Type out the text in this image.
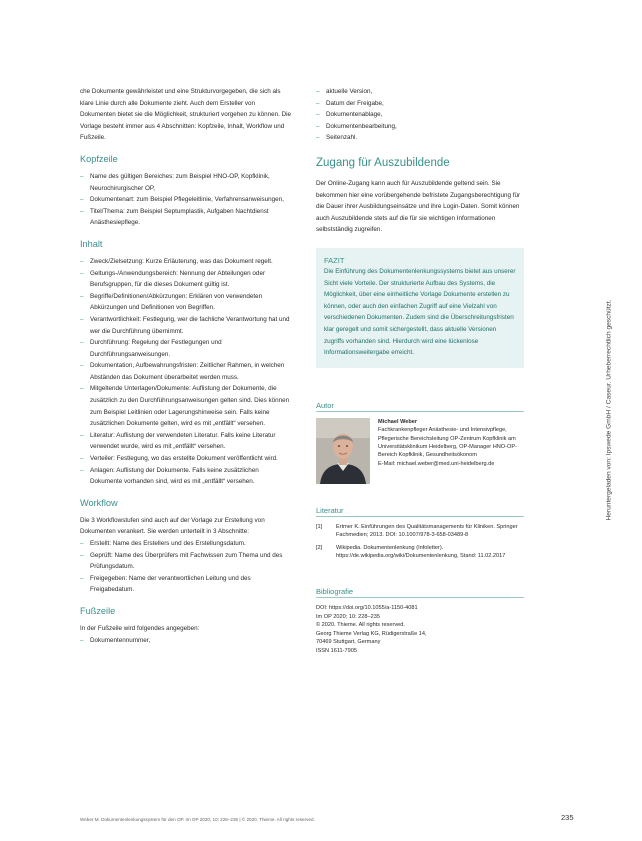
che Dokumente gewährleistet und eine Strukturvorgegeben, die sich als klare Linie durch alle Dokumente zieht. Auch dem Ersteller von Dokumenten bietet sie die Möglichkeit, strukturiert vorgehen zu können. Die Vorlage besteht immer aus 4 Abschnitten: Kopfzeile, Inhalt, Workflow und Fußzeile.

Kopfzeile
– Name des gültigen Bereiches: zum Beispiel HNO-OP, Kopfklinik, Neurochirurgischer OP,
– Dokumentenart: zum Beispiel Pflegeleitlinie, Verfahrensanweisungen,
– Titel/Thema: zum Beispiel Septumplastik, Aufgaben Nachtdienst Anästhesiepflege.
Inhalt
– Zweck/Zielsetzung: Kurze Erläuterung, was das Dokument regelt.
– Geltungs-/Anwendungsbereich: Nennung der Abteilungen oder Berufsgruppen, für die dieses Dokument gültig ist.
– Begriffe/Definitionen/Abkürzungen: Erklären von verwendeten Abkürzungen und Definitionen von Begriffen.
– Verantwortlichkeit: Festlegung, wer die fachliche Verantwortung hat und wer die Durchführung übernimmt.
– Durchführung: Regelung der Festlegungen und Durchführungsanweisungen.
– Dokumentation, Aufbewahrungsfristen: Zeitlicher Rahmen, in welchen Abständen das Dokument überarbeitet werden muss.
– Mitgeltende Unterlagen/Dokumente: Auflistung der Dokumente, die zusätzlich zu den Durchführungsanweisungen gelten sind. Dies können zum Beispiel Leitlinien oder Lagerungshinweise sein. Falls keine zusätzlichen Dokumente gelten, wird es mit „entfällt“ versehen.
– Literatur: Auflistung der verwendeten Literatur. Falls keine Literatur verwendet wurde, wird es mit „entfällt“ versehen.
– Verteiler: Festlegung, wo das erstellte Dokument veröffentlicht wird.
– Anlagen: Auflistung der Dokumente. Falls keine zusätzlichen Dokumente vorhanden sind, wird es mit „entfällt“ versehen.
Workflow

Die 3 Workflowstufen sind auch auf der Vorlage zur Erstellung von Dokumenten verankert. Sie werden unterteilt in 3 Abschnitte:

– Erstellt: Name des Erstellers und des Erstellungsdatum.
– Geprüft: Name des Überprüfers mit Fachwissen zum Thema und des Prüfungsdatum.
– Freigegeben: Name der verantwortlichen Leitung und des Freigabedatum.
Fußzeile

In der Fußzeile wird folgendes angegeben:

– Dokumentennummer,
– aktuelle Version,
– Datum der Freigabe,
– Dokumentenablage,
– Dokumentenbearbeitung,
– Seitenzahl.
Zugang für Auszubildende

Der Online-Zugang kann auch für Auszubildende geltend sein. Sie bekommen hier eine vorübergehende befristete Zugangsberechtigung für die Dauer ihrer Ausbildungseinsätze und ihre Login-Daten. Somit können auch Auszubildende stets auf die für sie wichtigen Informationen selbstständig zugreifen.

FAZIT

Die Einführung des Dokumentenlenkungssystems bietet aus unserer Sicht viele Vorteile. Der strukturierte Aufbau des Systems, die Möglichkeit, über eine einheitliche Vorlage Dokumente erstellen zu können, oder auch den einfachen Zugriff auf eine Vielzahl von verschiedenen Dokumenten. Zudem sind die Überschreitungsfristen klar geregelt und somit sichergestellt, dass aktuelle Versionen zugriffs vorhanden sind. Hierdurch wird eine lückenlose Informationsweitergabe erreicht.

Autor
Michael Weber
Fachkrankenpfleger Anästhesie- und Intensivpflege, Pflegerische Bereichsleitung OP-Zentrum Kopfklinik am Universitätsklinikum Heidelberg, OP-Manager HNO-OP-Bereich Kopfklinik, Gesundheitsökonom
E-Mail: michael.weber@med.uni-heidelberg.de
Literatur
[1]	Ertmer K. Einführungen des Qualitätsmanagements für Kliniken. Springer Fachmedien; 2013. DOI: 10.1007/978-3-658-03489-8
[2]	Wikipedia. Dokumentenlenkung (Infoletter). https://de.wikipedia.org/wiki/Dokumentenlenkung, Stand: 11.02.2017
Bibliografie
DOI: https://doi.org/10.1055/a-1150-4081
Im OP 2020; 10: 228–235
© 2020. Thieme. All rights reserved.
Georg Thieme Verlag KG, Rüdigerstraße 14,
70469 Stuttgart, Germany
ISSN 1611-7905
Heruntergeladen von: Ipswede GmbH / Caseur. Urheberrechtlich geschützt.
Weber M. Dokumentenlenkungssystem für den OP. Im OP 2020; 10: 228–235 | © 2020. Thieme. All rights reserved.	235
